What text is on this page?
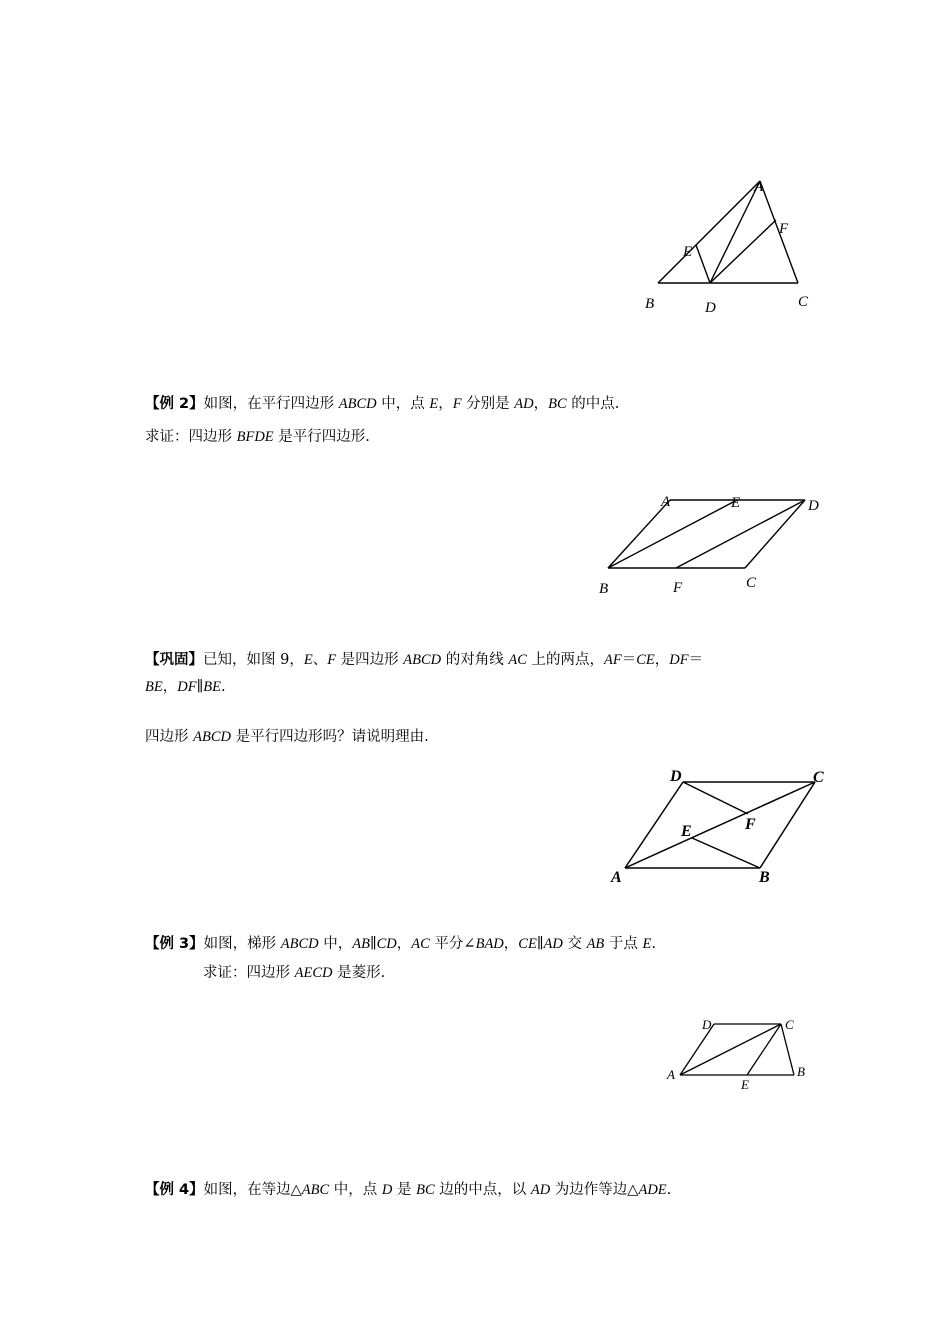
A
E
F
B	D	C
【例 2】如图，在平行四边形 ABCD 中，点 E，F 分别是 AD，BC 的中点.
求证：四边形 BFDE 是平行四边形.
A	E	D
B	F	C
【巩固】已知，如图 9，E、F 是四边形 ABCD 的对角线 AC 上的两点，AF＝CE，DF＝
BE，DF∥BE.
四边形 ABCD 是平行四边形吗？请说明理由.
D	C
E	F
A	B
【例 3】如图，梯形 ABCD 中，AB∥CD，AC 平分∠BAD，CE∥AD 交 AB 于点 E.
求证：四边形 AECD 是菱形.
D	C
A	B
E
【例 4】如图，在等边△ABC 中，点 D 是 BC 边的中点，以 AD 为边作等边△ADE.
